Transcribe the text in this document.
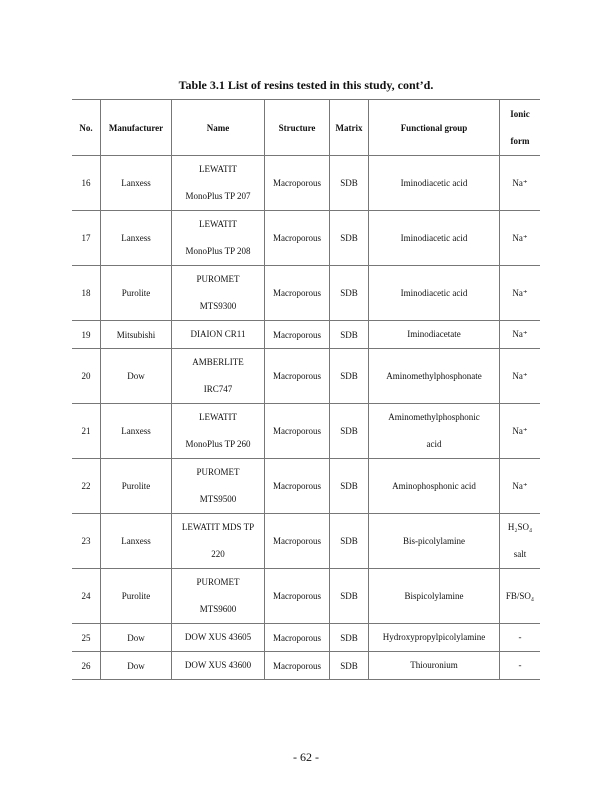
Table 3.1 List of resins tested in this study, cont’d.
No.	Manufacturer	Name	Structure	Matrix	Functional group	Ionic
form

16	Lanxess	LEWATIT
MonoPlus TP 207	Macroporous	SDB	Iminodiacetic acid	Na⁺

17	Lanxess	LEWATIT
MonoPlus TP 208	Macroporous	SDB	Iminodiacetic acid	Na⁺

18	Purolite	PUROMET
MTS9300	Macroporous	SDB	Iminodiacetic acid	Na⁺

19	Mitsubishi	DIAION CR11	Macroporous	SDB	Iminodiacetate	Na⁺

20	Dow	AMBERLITE
IRC747	Macroporous	SDB	Aminomethylphosphonate	Na⁺

21	Lanxess	LEWATIT
MonoPlus TP 260	Macroporous	SDB	Aminomethylphosphonic
acid	Na⁺

22	Purolite	PUROMET
MTS9500	Macroporous	SDB	Aminophosphonic acid	Na⁺

23	Lanxess	LEWATIT MDS TP
220	Macroporous	SDB	Bis-picolylamine	H₂SO₄
salt

24	Purolite	PUROMET
MTS9600	Macroporous	SDB	Bispicolylamine	FB/SO₄

25	Dow	DOW XUS 43605	Macroporous	SDB	Hydroxypropylpicolylamine	-

26	Dow	DOW XUS 43600	Macroporous	SDB	Thiouronium	-
- 62 -
